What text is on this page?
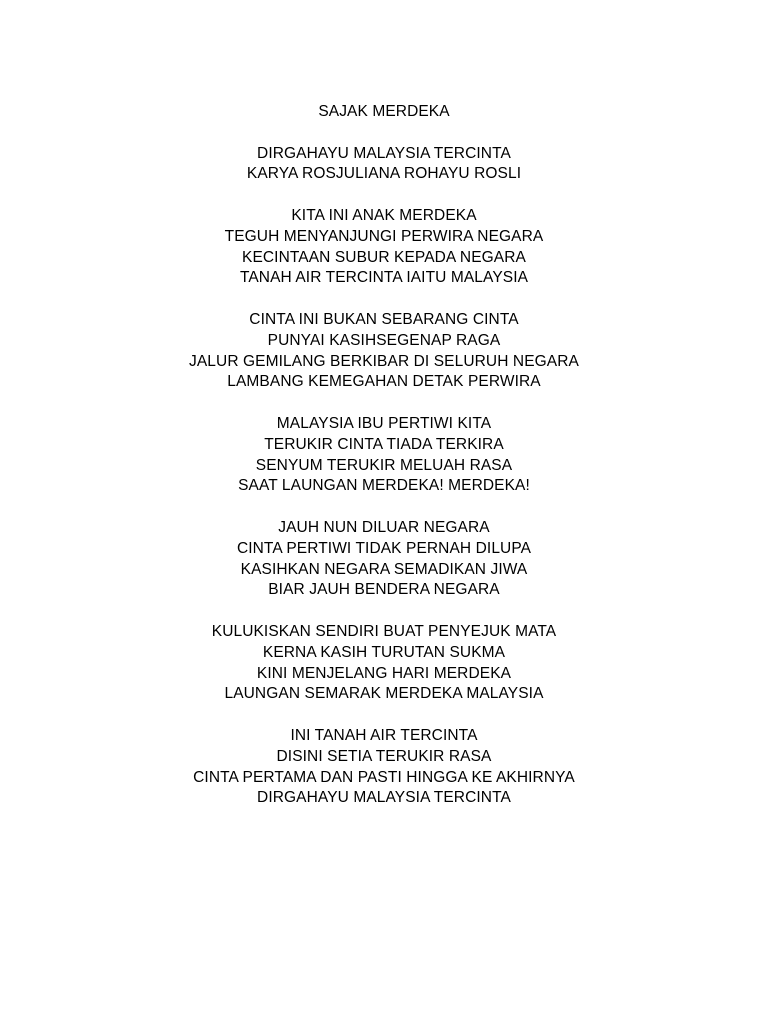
SAJAK MERDEKA
DIRGAHAYU MALAYSIA TERCINTA
KARYA ROSJULIANA ROHAYU ROSLI
KITA INI ANAK MERDEKA
TEGUH MENYANJUNGI PERWIRA NEGARA
KECINTAAN SUBUR KEPADA NEGARA
TANAH AIR TERCINTA IAITU MALAYSIA
CINTA INI BUKAN SEBARANG CINTA
PUNYAI KASIHSEGENAP RAGA
JALUR GEMILANG BERKIBAR DI SELURUH NEGARA
LAMBANG KEMEGAHAN DETAK PERWIRA
MALAYSIA IBU PERTIWI KITA
TERUKIR CINTA TIADA TERKIRA
SENYUM TERUKIR MELUAH RASA
SAAT LAUNGAN MERDEKA! MERDEKA!
JAUH NUN DILUAR NEGARA
CINTA PERTIWI TIDAK PERNAH DILUPA
KASIHKAN NEGARA SEMADIKAN JIWA
BIAR JAUH BENDERA NEGARA
KULUKISKAN SENDIRI BUAT PENYEJUK MATA
KERNA KASIH TURUTAN SUKMA
KINI MENJELANG HARI MERDEKA
LAUNGAN SEMARAK MERDEKA MALAYSIA
INI TANAH AIR TERCINTA
DISINI SETIA TERUKIR RASA
CINTA PERTAMA DAN PASTI HINGGA KE AKHIRNYA
DIRGAHAYU MALAYSIA TERCINTA
